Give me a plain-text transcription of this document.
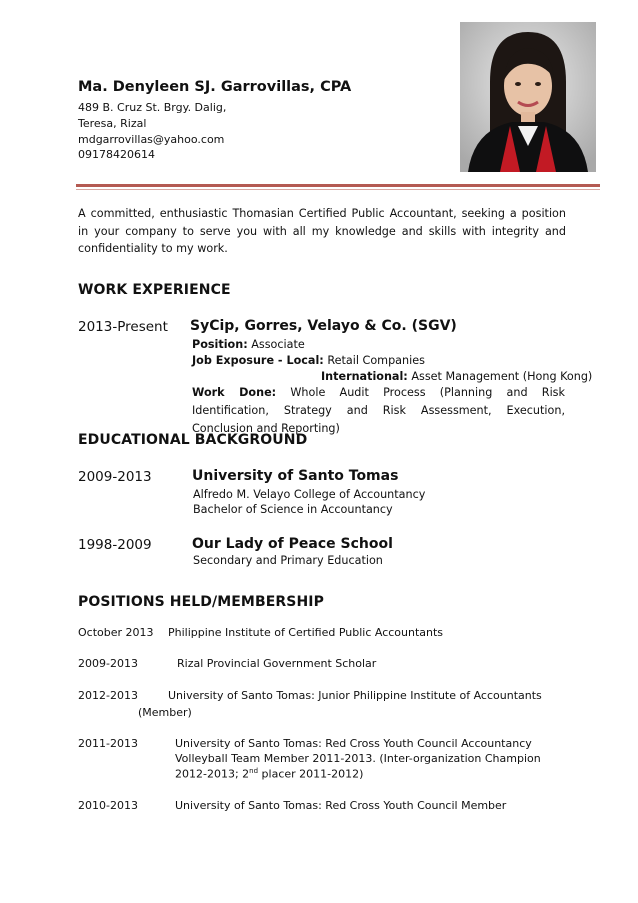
Ma. Denyleen SJ. Garrovillas, CPA
489 B. Cruz St. Brgy. Dalig,
Teresa, Rizal
mdgarrovillas@yahoo.com
09178420614
A committed, enthusiastic Thomasian Certified Public Accountant, seeking a position in your company to serve you with all my knowledge and skills with integrity and confidentiality to my work.
WORK EXPERIENCE
2013-Present SyCip, Gorres, Velayo & Co. (SGV)
Position: Associate
Job Exposure - Local: Retail Companies
International: Asset Management (Hong Kong)
Work Done: Whole Audit Process (Planning and Risk Identification, Strategy and Risk Assessment, Execution, Conclusion and Reporting)
EDUCATIONAL BACKGROUND
2009-2013	University of Santo Tomas
Alfredo M. Velayo College of Accountancy
Bachelor of Science in Accountancy
1998-2009	Our Lady of Peace School
Secondary and Primary Education
POSITIONS HELD/MEMBERSHIP
October 2013 Philippine Institute of Certified Public Accountants
2009-2013	Rizal Provincial Government Scholar
2012-2013	University of Santo Tomas: Junior Philippine Institute of Accountants
(Member)
2011-2013	University of Santo Tomas: Red Cross Youth Council Accountancy
Volleyball Team Member 2011-2013. (Inter-organization Champion
2012-2013; 2nd placer 2011-2012)
2010-2013	University of Santo Tomas: Red Cross Youth Council Member
